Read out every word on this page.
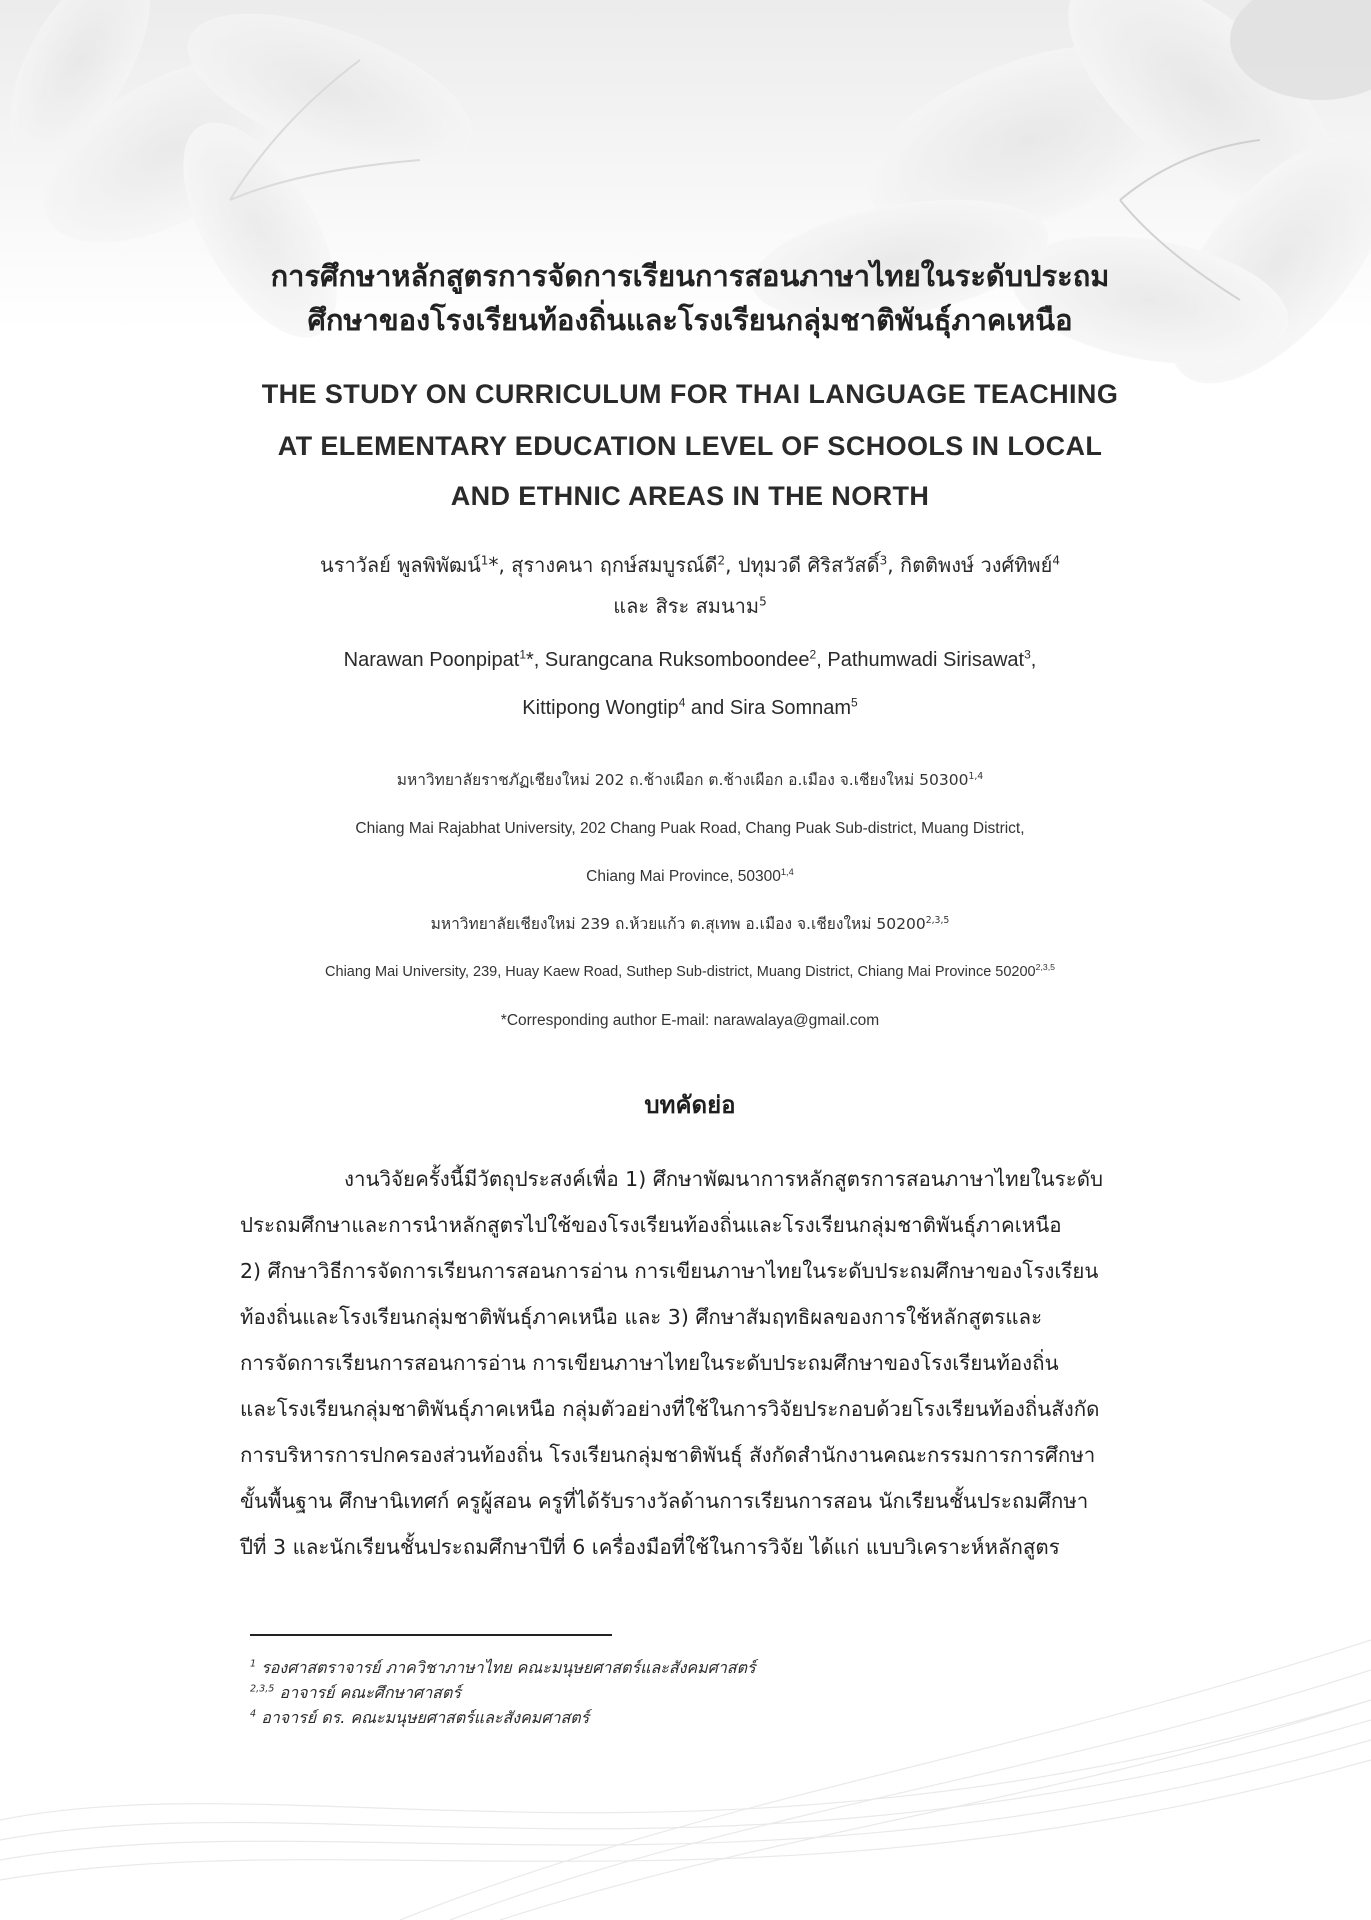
การศึกษาหลักสูตรการจัดการเรียนการสอนภาษาไทยในระดับประถม
ศึกษาของโรงเรียนท้องถิ่นและโรงเรียนกลุ่มชาติพันธุ์ภาคเหนือ
THE STUDY ON CURRICULUM FOR THAI LANGUAGE TEACHING
AT ELEMENTARY EDUCATION LEVEL OF SCHOOLS IN LOCAL
AND ETHNIC AREAS IN THE NORTH
นราวัลย์ พูลพิพัฒน์$^1$*, สุรางคนา ฤกษ์สมบูรณ์ดี$^2$, ปทุมวดี ศิริสวัสดิ์$^3$, กิตติพงษ์ วงศ์ทิพย์$^4$
และ สิระ สมนาม$^5$
Narawan Poonpipat$^1$*, Surangcana Ruksomboondee$^2$, Pathumwadi Sirisawat$^3$,
Kittipong Wongtip$^4$ and Sira Somnam$^5$
มหาวิทยาลัยราชภัฏเชียงใหม่ 202 ถ.ช้างเผือก ต.ช้างเผือก อ.เมือง จ.เชียงใหม่ 50300$^{1,4}$
Chiang Mai Rajabhat University, 202 Chang Puak Road, Chang Puak Sub-district, Muang District,
Chiang Mai Province, 50300$^{1,4}$
มหาวิทยาลัยเชียงใหม่ 239 ถ.ห้วยแก้ว ต.สุเทพ อ.เมือง จ.เชียงใหม่ 50200$^{2,3,5}$
Chiang Mai University, 239, Huay Kaew Road, Suthep Sub-district, Muang District, Chiang Mai Province 50200$^{2,3,5}$
*Corresponding author E-mail: narawalaya@gmail.com
บทคัดย่อ
งานวิจัยครั้งนี้มีวัตถุประสงค์เพื่อ 1) ศึกษาพัฒนาการหลักสูตรการสอนภาษาไทยในระดับ
ประถมศึกษาและการนำหลักสูตรไปใช้ของโรงเรียนท้องถิ่นและโรงเรียนกลุ่มชาติพันธุ์ภาคเหนือ
2) ศึกษาวิธีการจัดการเรียนการสอนการอ่าน การเขียนภาษาไทยในระดับประถมศึกษาของโรงเรียน
ท้องถิ่นและโรงเรียนกลุ่มชาติพันธุ์ภาคเหนือ และ 3) ศึกษาสัมฤทธิผลของการใช้หลักสูตรและ
การจัดการเรียนการสอนการอ่าน การเขียนภาษาไทยในระดับประถมศึกษาของโรงเรียนท้องถิ่น
และโรงเรียนกลุ่มชาติพันธุ์ภาคเหนือ กลุ่มตัวอย่างที่ใช้ในการวิจัยประกอบด้วยโรงเรียนท้องถิ่นสังกัด
การบริหารการปกครองส่วนท้องถิ่น โรงเรียนกลุ่มชาติพันธุ์ สังกัดสำนักงานคณะกรรมการการศึกษา
ขั้นพื้นฐาน ศึกษานิเทศก์ ครูผู้สอน ครูที่ได้รับรางวัลด้านการเรียนการสอน นักเรียนชั้นประถมศึกษา
ปีที่ 3 และนักเรียนชั้นประถมศึกษาปีที่ 6 เครื่องมือที่ใช้ในการวิจัย ได้แก่ แบบวิเคราะห์หลักสูตร
$^1$ รองศาสตราจารย์ ภาควิชาภาษาไทย คณะมนุษยศาสตร์และสังคมศาสตร์
$^{2,3,5}$ อาจารย์ คณะศึกษาศาสตร์
$^4$ อาจารย์ ดร. คณะมนุษยศาสตร์และสังคมศาสตร์
